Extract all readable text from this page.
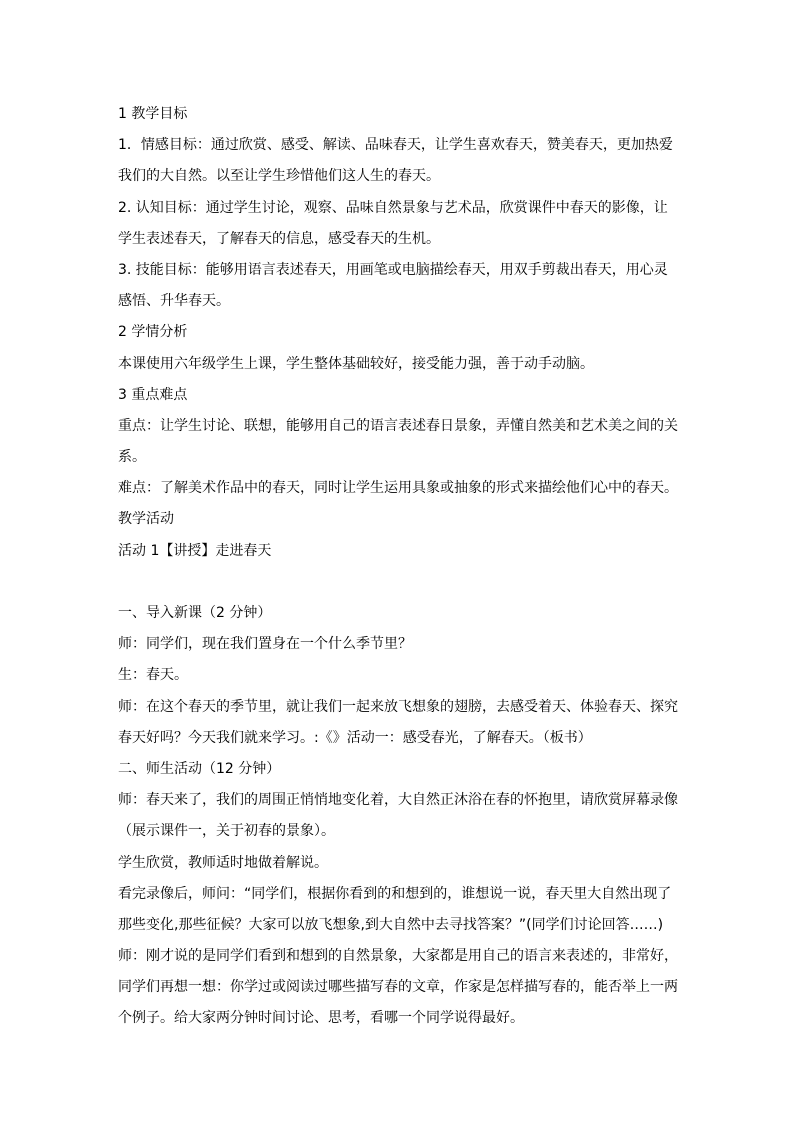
1 教学目标
1．情感目标：通过欣赏、感受、解读、品味春天，让学生喜欢春天，赞美春天，更加热爱
我们的大自然。以至让学生珍惜他们这人生的春天。
2. 认知目标：通过学生讨论，观察、品味自然景象与艺术品，欣赏课件中春天的影像，让
学生表述春天，了解春天的信息，感受春天的生机。
3. 技能目标：能够用语言表述春天，用画笔或电脑描绘春天，用双手剪裁出春天，用心灵
感悟、升华春天。
2 学情分析
本课使用六年级学生上课，学生整体基础较好，接受能力强，善于动手动脑。
3 重点难点
重点：让学生讨论、联想，能够用自己的语言表述春日景象，弄懂自然美和艺术美之间的关
系。
难点：了解美术作品中的春天，同时让学生运用具象或抽象的形式来描绘他们心中的春天。
教学活动
活动 1【讲授】走进春天
一、导入新课（2 分钟）
师：同学们，现在我们置身在一个什么季节里？
生：春天。
师：在这个春天的季节里，就让我们一起来放飞想象的翅膀，去感受着天、体验春天、探究
春天好吗？今天我们就来学习。:《》活动一：感受春光，了解春天。（板书）
二、师生活动（12 分钟）
师：春天来了，我们的周围正悄悄地变化着，大自然正沐浴在春的怀抱里，请欣赏屏幕录像
（展示课件一，关于初春的景象）。
学生欣赏，教师适时地做着解说。
看完录像后，师问：“同学们，根据你看到的和想到的，谁想说一说，春天里大自然出现了
那些变化,那些征候？大家可以放飞想象,到大自然中去寻找答案？”(同学们讨论回答……)
师：刚才说的是同学们看到和想到的自然景象，大家都是用自己的语言来表述的，非常好，
同学们再想一想：你学过或阅读过哪些描写春的文章，作家是怎样描写春的，能否举上一两
个例子。给大家两分钟时间讨论、思考，看哪一个同学说得最好。
